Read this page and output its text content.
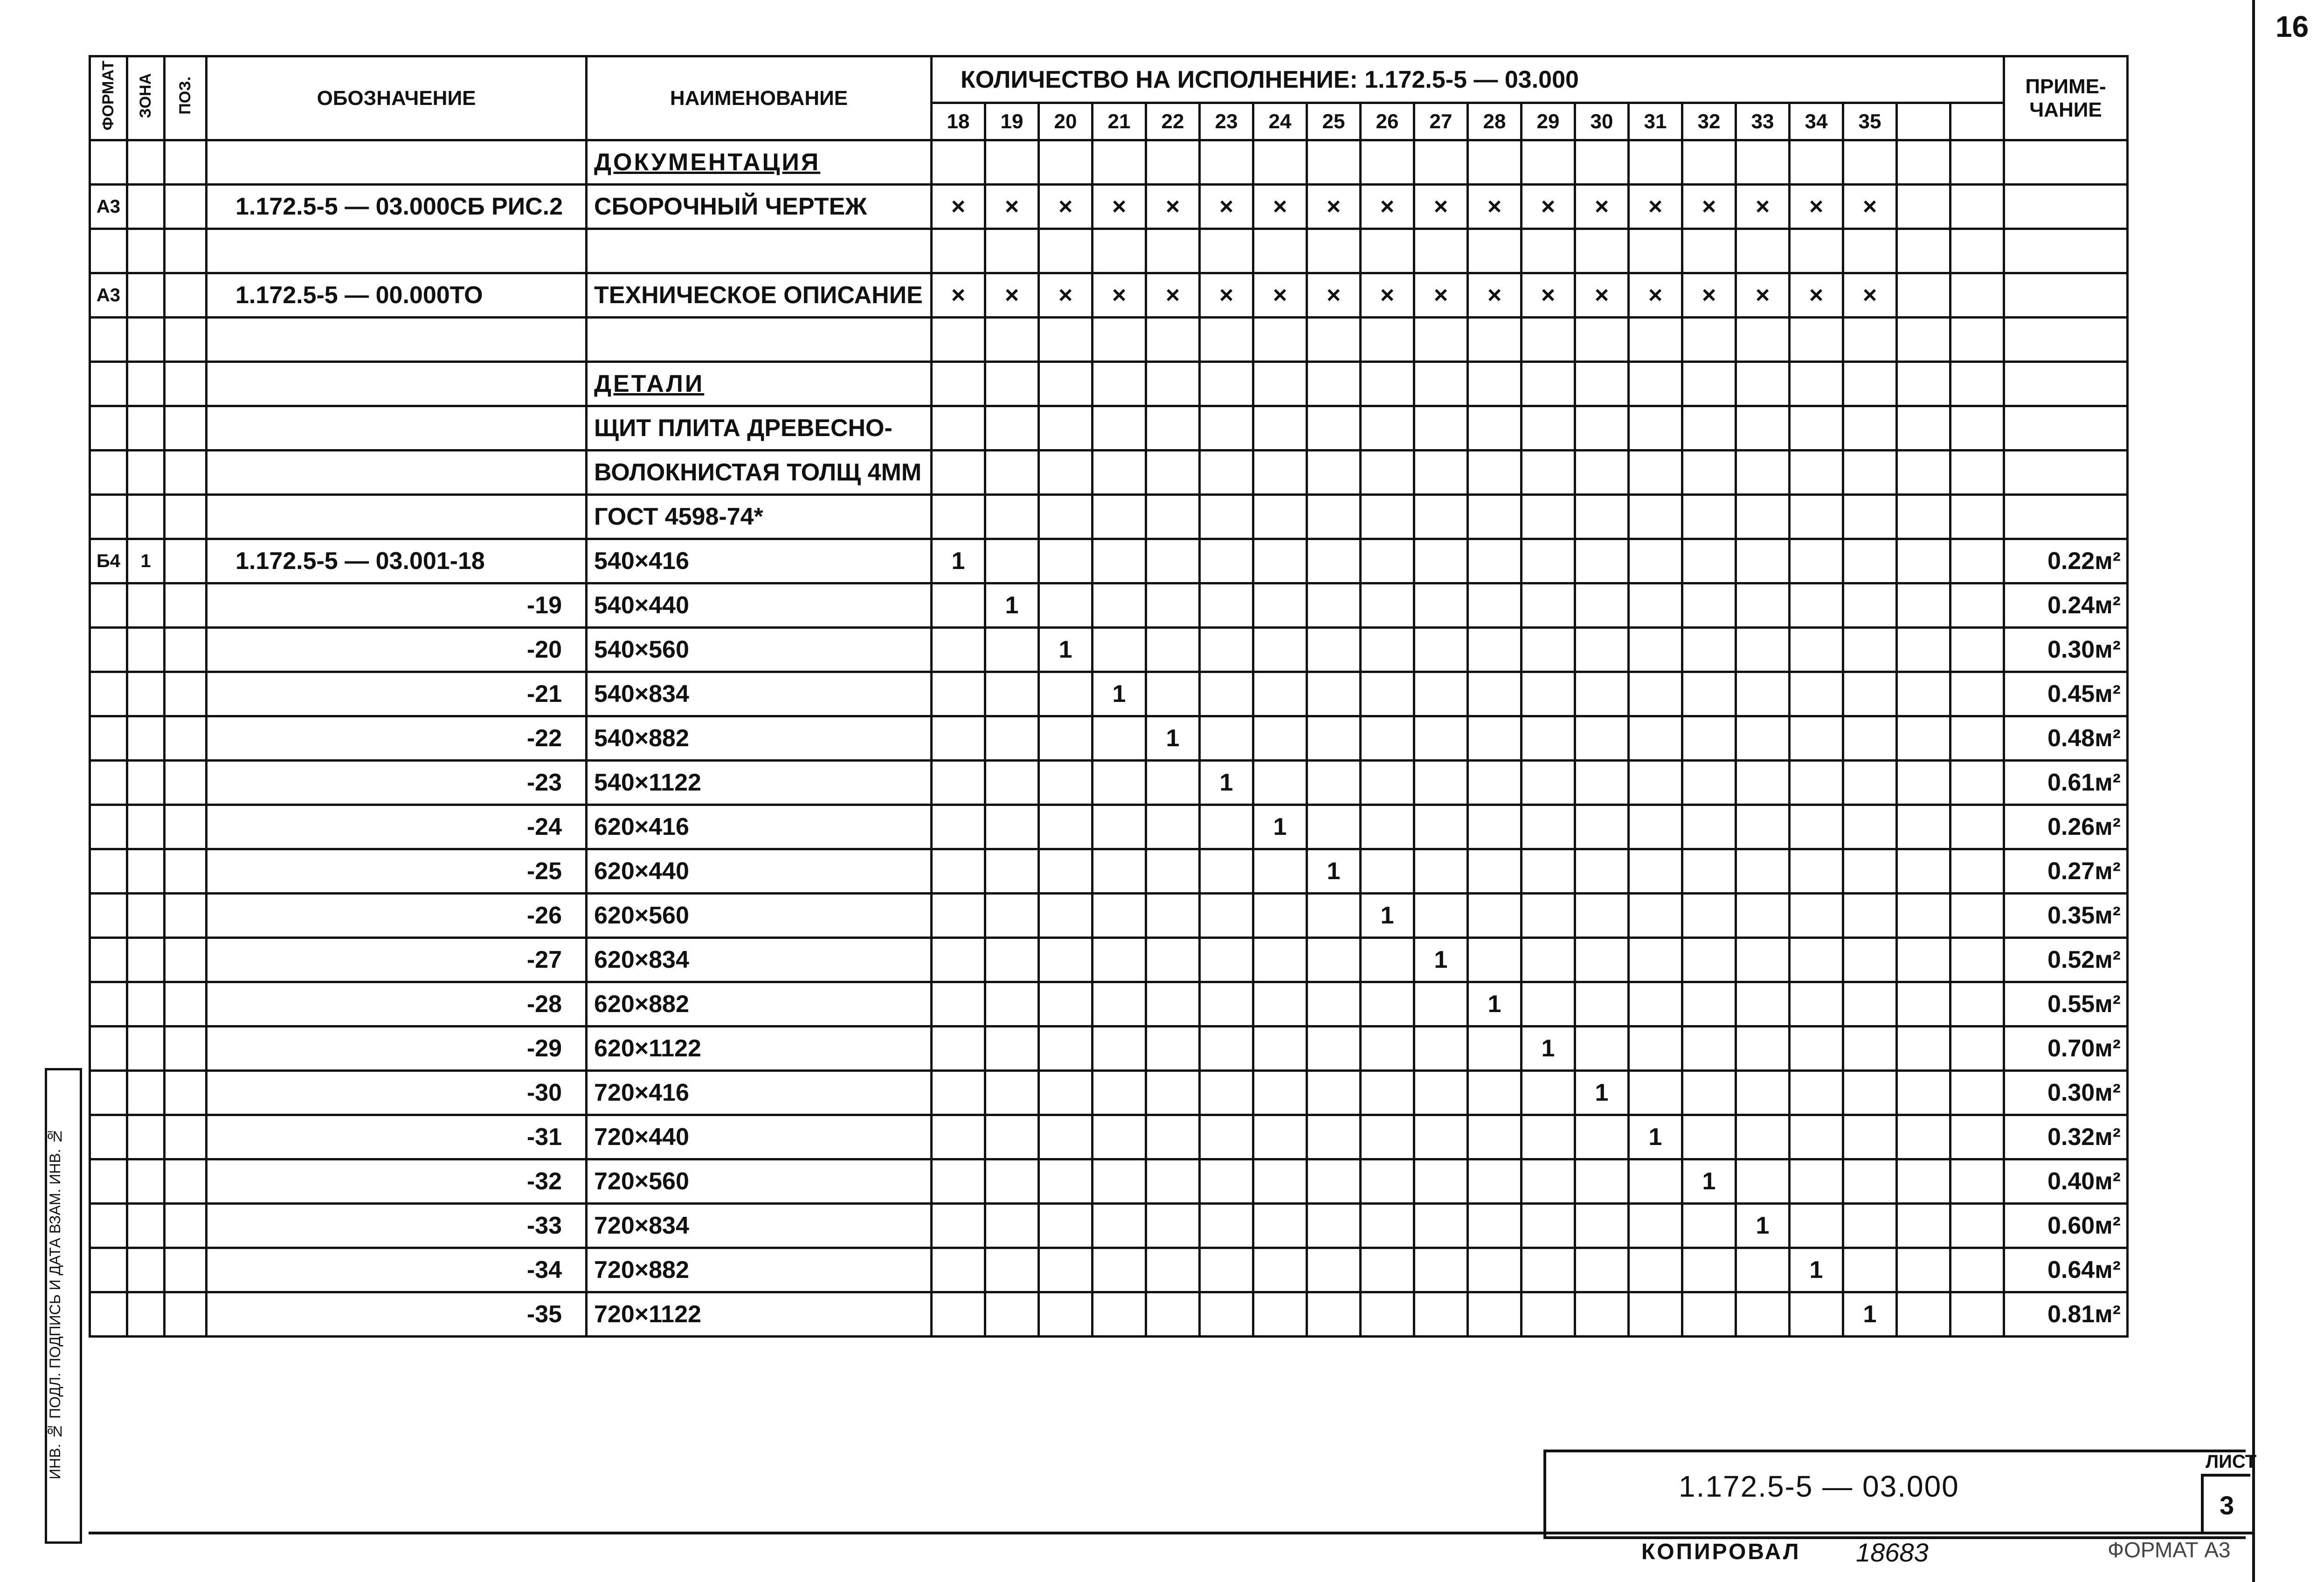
16
ФОРМАТ	ЗОНА	ПОЗ.	ОБОЗНАЧЕНИЕ	НАИМЕНОВАНИЕ	КОЛИЧЕСТВО НА ИСПОЛНЕНИЕ: 1.172.5-5 — 03.000																				ПРИМЕ-ЧАНИЕ
					18	19	20	21	22	23	24	25	26	27	28	29	30	31	32	33	34	35			
				ДОКУМЕНТАЦИЯ																					
А3			1.172.5-5 — 03.000СБ РИС.2	СБОРОЧНЫЙ ЧЕРТЕЖ	×	×	×	×	×	×	×	×	×	×	×	×	×	×	×	×	×	×			

А3			1.172.5-5 — 00.000ТО	ТЕХНИЧЕСКОЕ ОПИСАНИЕ	×	×	×	×	×	×	×	×	×	×	×	×	×	×	×	×	×	×			

				ДЕТАЛИ																					
				ЩИТ ПЛИТА ДРЕВЕСНО-																					
				ВОЛОКНИСТАЯ ТОЛЩ 4ММ																					
				ГОСТ 4598-74*																					
Б4	1		1.172.5-5 — 03.001-18	540×416	1																				0.22м²
			-19	540×440		1																			0.24м²
			-20	540×560			1																		0.30м²
			-21	540×834				1																	0.45м²
			-22	540×882					1																0.48м²
			-23	540×1122						1															0.61м²
			-24	620×416							1														0.26м²
			-25	620×440								1													0.27м²
			-26	620×560									1												0.35м²
			-27	620×834										1											0.52м²
			-28	620×882											1										0.55м²
			-29	620×1122												1									0.70м²
			-30	720×416													1								0.30м²
			-31	720×440														1							0.32м²
			-32	720×560															1						0.40м²
			-33	720×834																1					0.60м²
			-34	720×882																	1				0.64м²
			-35	720×1122																		1			0.81м²
ИНВ. № ПОДЛ. ПОДПИСЬ И ДАТА ВЗАМ. ИНВ. №
1.172.5-5 — 03.000
ЛИСТ
3
КОПИРОВАЛ 18683	ФОРМАТ А3
